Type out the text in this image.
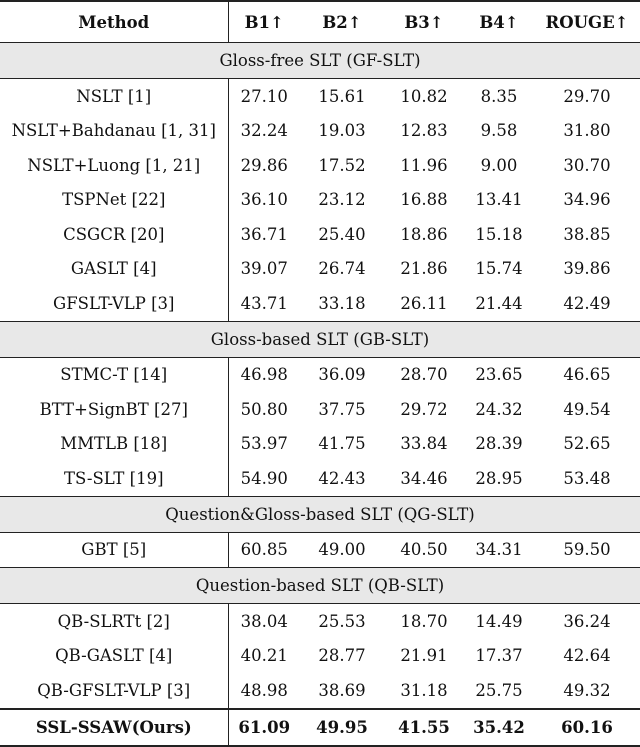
Method	B1↑	B2↑	B3↑	B4↑	ROUGE↑
Gloss-free SLT (GF-SLT)					
NSLT [1]	27.10	15.61	10.82	8.35	29.70
NSLT+Bahdanau [1, 31]	32.24	19.03	12.83	9.58	31.80
NSLT+Luong [1, 21]	29.86	17.52	11.96	9.00	30.70
TSPNet [22]	36.10	23.12	16.88	13.41	34.96
CSGCR [20]	36.71	25.40	18.86	15.18	38.85
GASLT [4]	39.07	26.74	21.86	15.74	39.86
GFSLT-VLP [3]	43.71	33.18	26.11	21.44	42.49
Gloss-based SLT (GB-SLT)					
STMC-T [14]	46.98	36.09	28.70	23.65	46.65
BTT+SignBT [27]	50.80	37.75	29.72	24.32	49.54
MMTLB [18]	53.97	41.75	33.84	28.39	52.65
TS-SLT [19]	54.90	42.43	34.46	28.95	53.48
Question&Gloss-based SLT (QG-SLT)					
GBT [5]	60.85	49.00	40.50	34.31	59.50
Question-based SLT (QB-SLT)					
QB-SLRTt [2]	38.04	25.53	18.70	14.49	36.24
QB-GASLT [4]	40.21	28.77	21.91	17.37	42.64
QB-GFSLT-VLP [3]	48.98	38.69	31.18	25.75	49.32
SSL-SSAW(Ours)	61.09	49.95	41.55	35.42	60.16
